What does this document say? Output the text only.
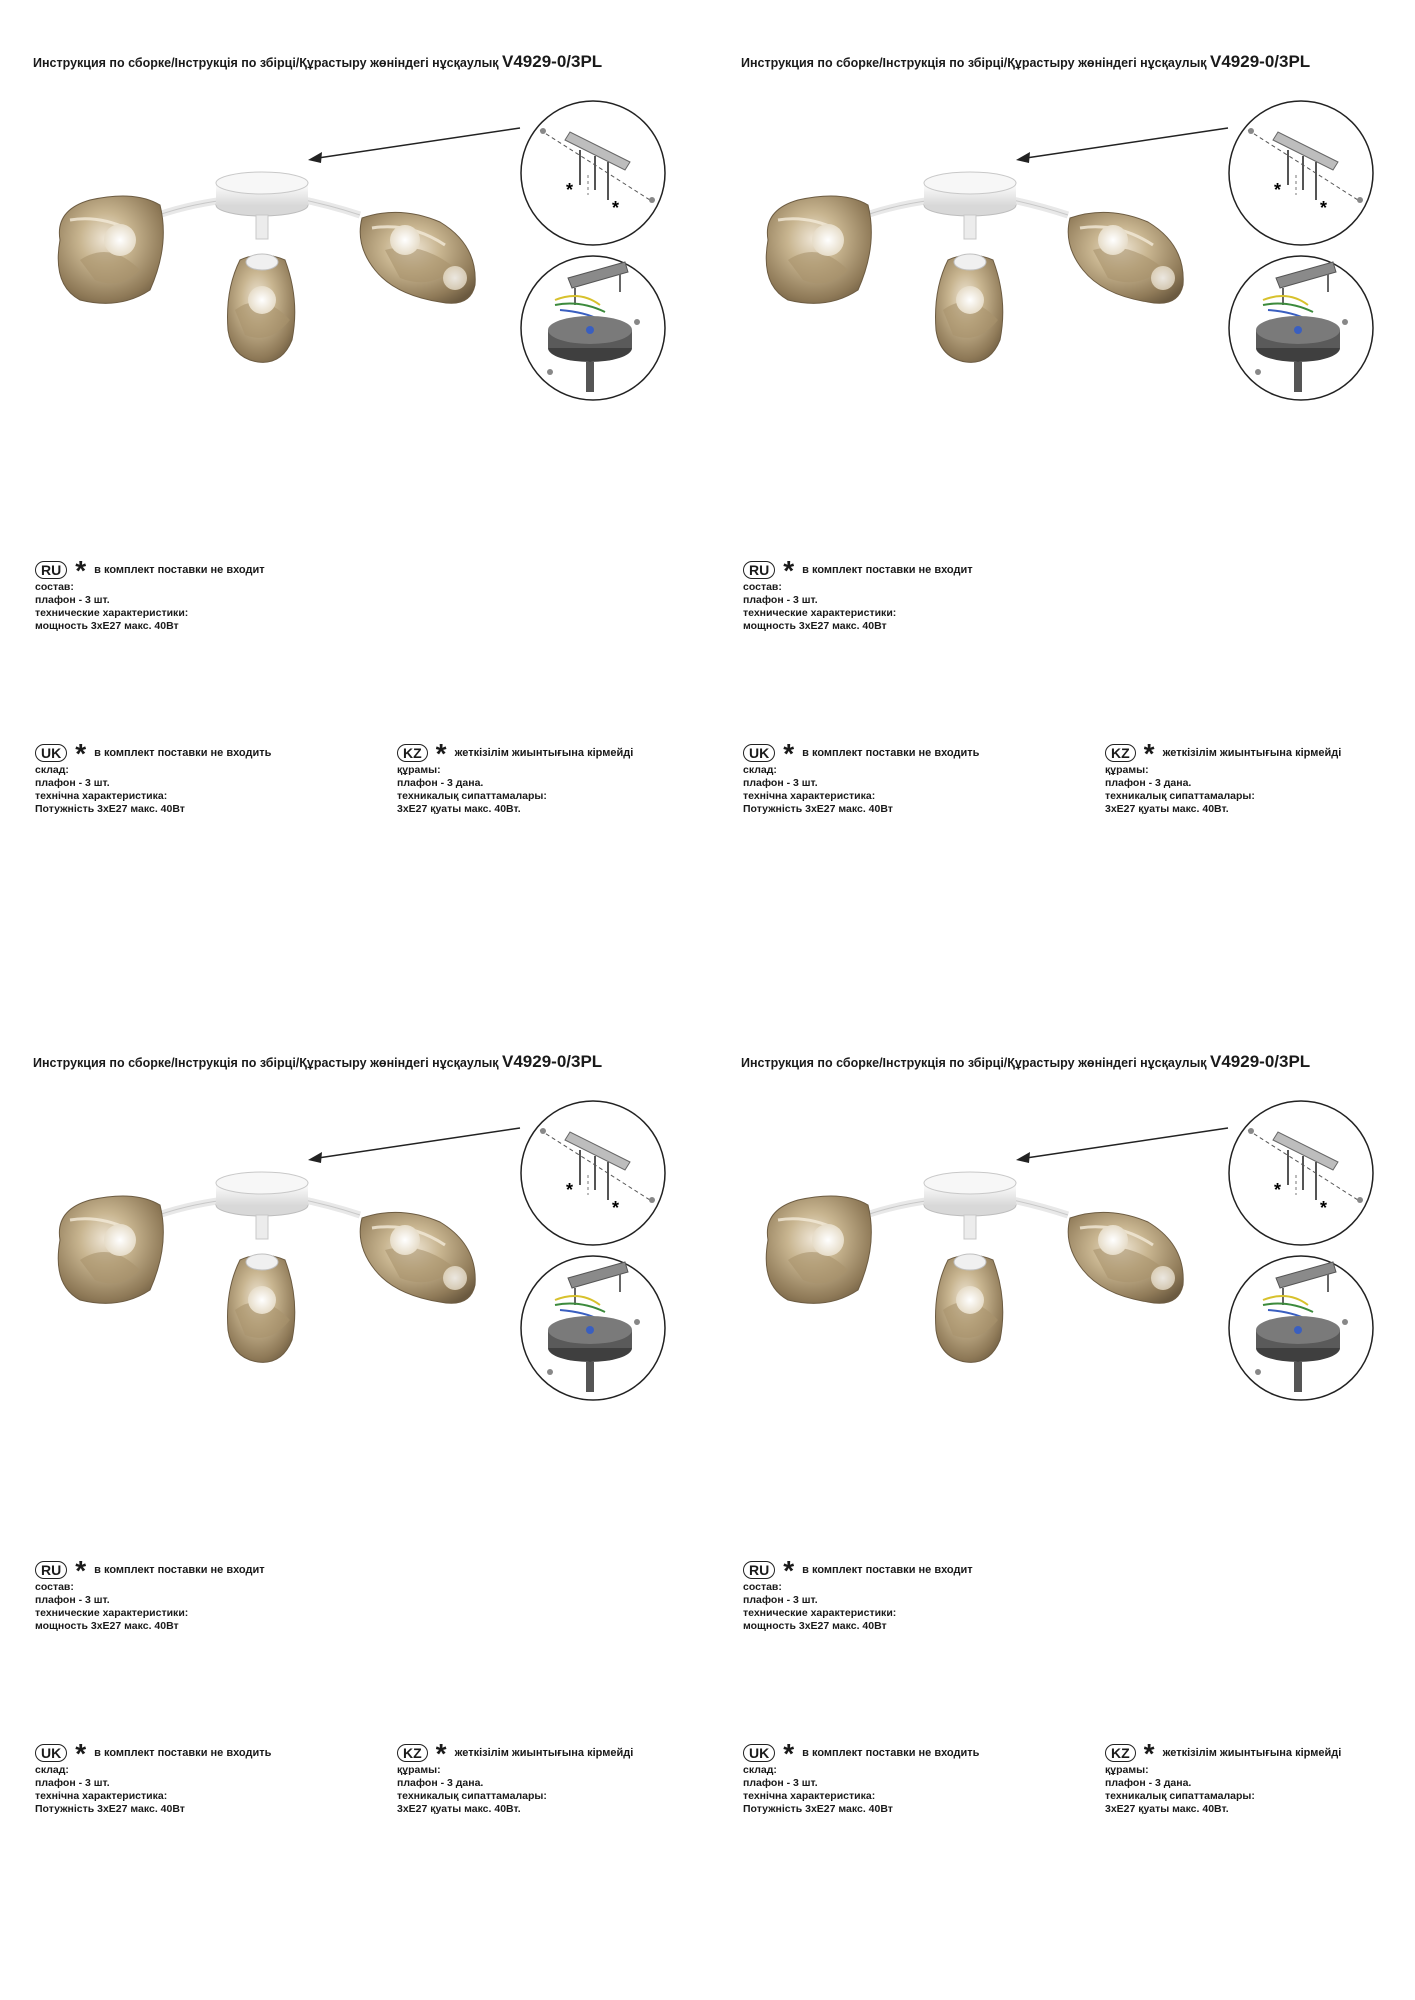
Инструкция по сборке/Інструкція по збірці/Құрастыру жөніндегі нұсқаулық V4929-0/3PL
*
*
RU * в комплект поставки не входит
состав:
плафон - 3 шт.
технические характеристики:
мощность 3хЕ27 макс. 40Вт
UK * в комплект поставки не входить
склад:
плафон - 3 шт.
технічна характеристика:
Потужність 3хЕ27 макс. 40Вт
KZ * жеткізілім жиынтығына кірмейді
құрамы:
плафон - 3 дана.
техникалық сипаттамалары:
3хЕ27 қуаты макс. 40Вт.
Инструкция по сборке/Інструкція по збірці/Құрастыру жөніндегі нұсқаулық V4929-0/3PL
*
*
RU * в комплект поставки не входит
состав:
плафон - 3 шт.
технические характеристики:
мощность 3хЕ27 макс. 40Вт
UK * в комплект поставки не входить
склад:
плафон - 3 шт.
технічна характеристика:
Потужність 3хЕ27 макс. 40Вт
KZ * жеткізілім жиынтығына кірмейді
құрамы:
плафон - 3 дана.
техникалық сипаттамалары:
3хЕ27 қуаты макс. 40Вт.
Инструкция по сборке/Інструкція по збірці/Құрастыру жөніндегі нұсқаулық V4929-0/3PL
*
*
RU * в комплект поставки не входит
состав:
плафон - 3 шт.
технические характеристики:
мощность 3хЕ27 макс. 40Вт
UK * в комплект поставки не входить
склад:
плафон - 3 шт.
технічна характеристика:
Потужність 3хЕ27 макс. 40Вт
KZ * жеткізілім жиынтығына кірмейді
құрамы:
плафон - 3 дана.
техникалық сипаттамалары:
3хЕ27 қуаты макс. 40Вт.
Инструкция по сборке/Інструкція по збірці/Құрастыру жөніндегі нұсқаулық V4929-0/3PL
*
*
RU * в комплект поставки не входит
состав:
плафон - 3 шт.
технические характеристики:
мощность 3хЕ27 макс. 40Вт
UK * в комплект поставки не входить
склад:
плафон - 3 шт.
технічна характеристика:
Потужність 3хЕ27 макс. 40Вт
KZ * жеткізілім жиынтығына кірмейді
құрамы:
плафон - 3 дана.
техникалық сипаттамалары:
3хЕ27 қуаты макс. 40Вт.
